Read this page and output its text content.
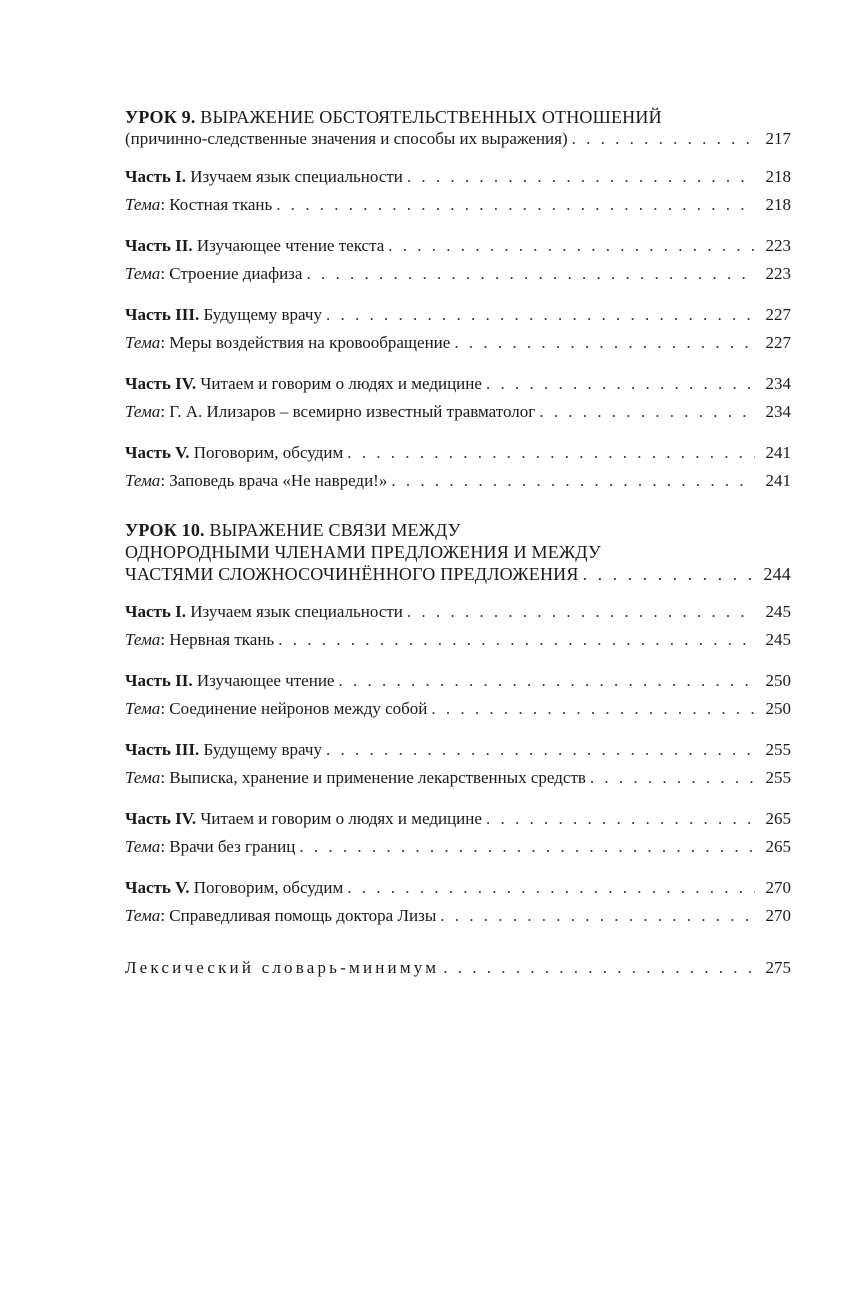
УРОК 9. ВЫРАЖЕНИЕ ОБСТОЯТЕЛЬСТВЕННЫХ ОТНОШЕНИЙ
(причинно-следственные значения и способы их выражения) . . .	217
Часть I. Изучаем язык специальности . . .	218
Тема: Костная ткань . . .	218
Часть II. Изучающее чтение текста . . .	223
Тема: Строение диафиза . . .	223
Часть III. Будущему врачу . . .	227
Тема: Меры воздействия на кровообращение . . .	227
Часть IV. Читаем и говорим о людях и медицине . . .	234
Тема: Г. А. Илизаров – всемирно известный травматолог . . .	234
Часть V. Поговорим, обсудим . . .	241
Тема: Заповедь врача «Не навреди!» . . .	241
УРОК 10. ВЫРАЖЕНИЕ СВЯЗИ МЕЖДУ
ОДНОРОДНЫМИ ЧЛЕНАМИ ПРЕДЛОЖЕНИЯ И МЕЖДУ
ЧАСТЯМИ СЛОЖНОСОЧИНЁННОГО ПРЕДЛОЖЕНИЯ . . .	244
Часть I. Изучаем язык специальности . . .	245
Тема: Нервная ткань . . .	245
Часть II. Изучающее чтение . . .	250
Тема: Соединение нейронов между собой . . .	250
Часть III. Будущему врачу . . .	255
Тема: Выписка, хранение и применение лекарственных средств . . .	255
Часть IV. Читаем и говорим о людях и медицине . . .	265
Тема: Врачи без границ . . .	265
Часть V. Поговорим, обсудим . . .	270
Тема: Справедливая помощь доктора Лизы . . .	270
Лексический словарь-минимум . . .	275
